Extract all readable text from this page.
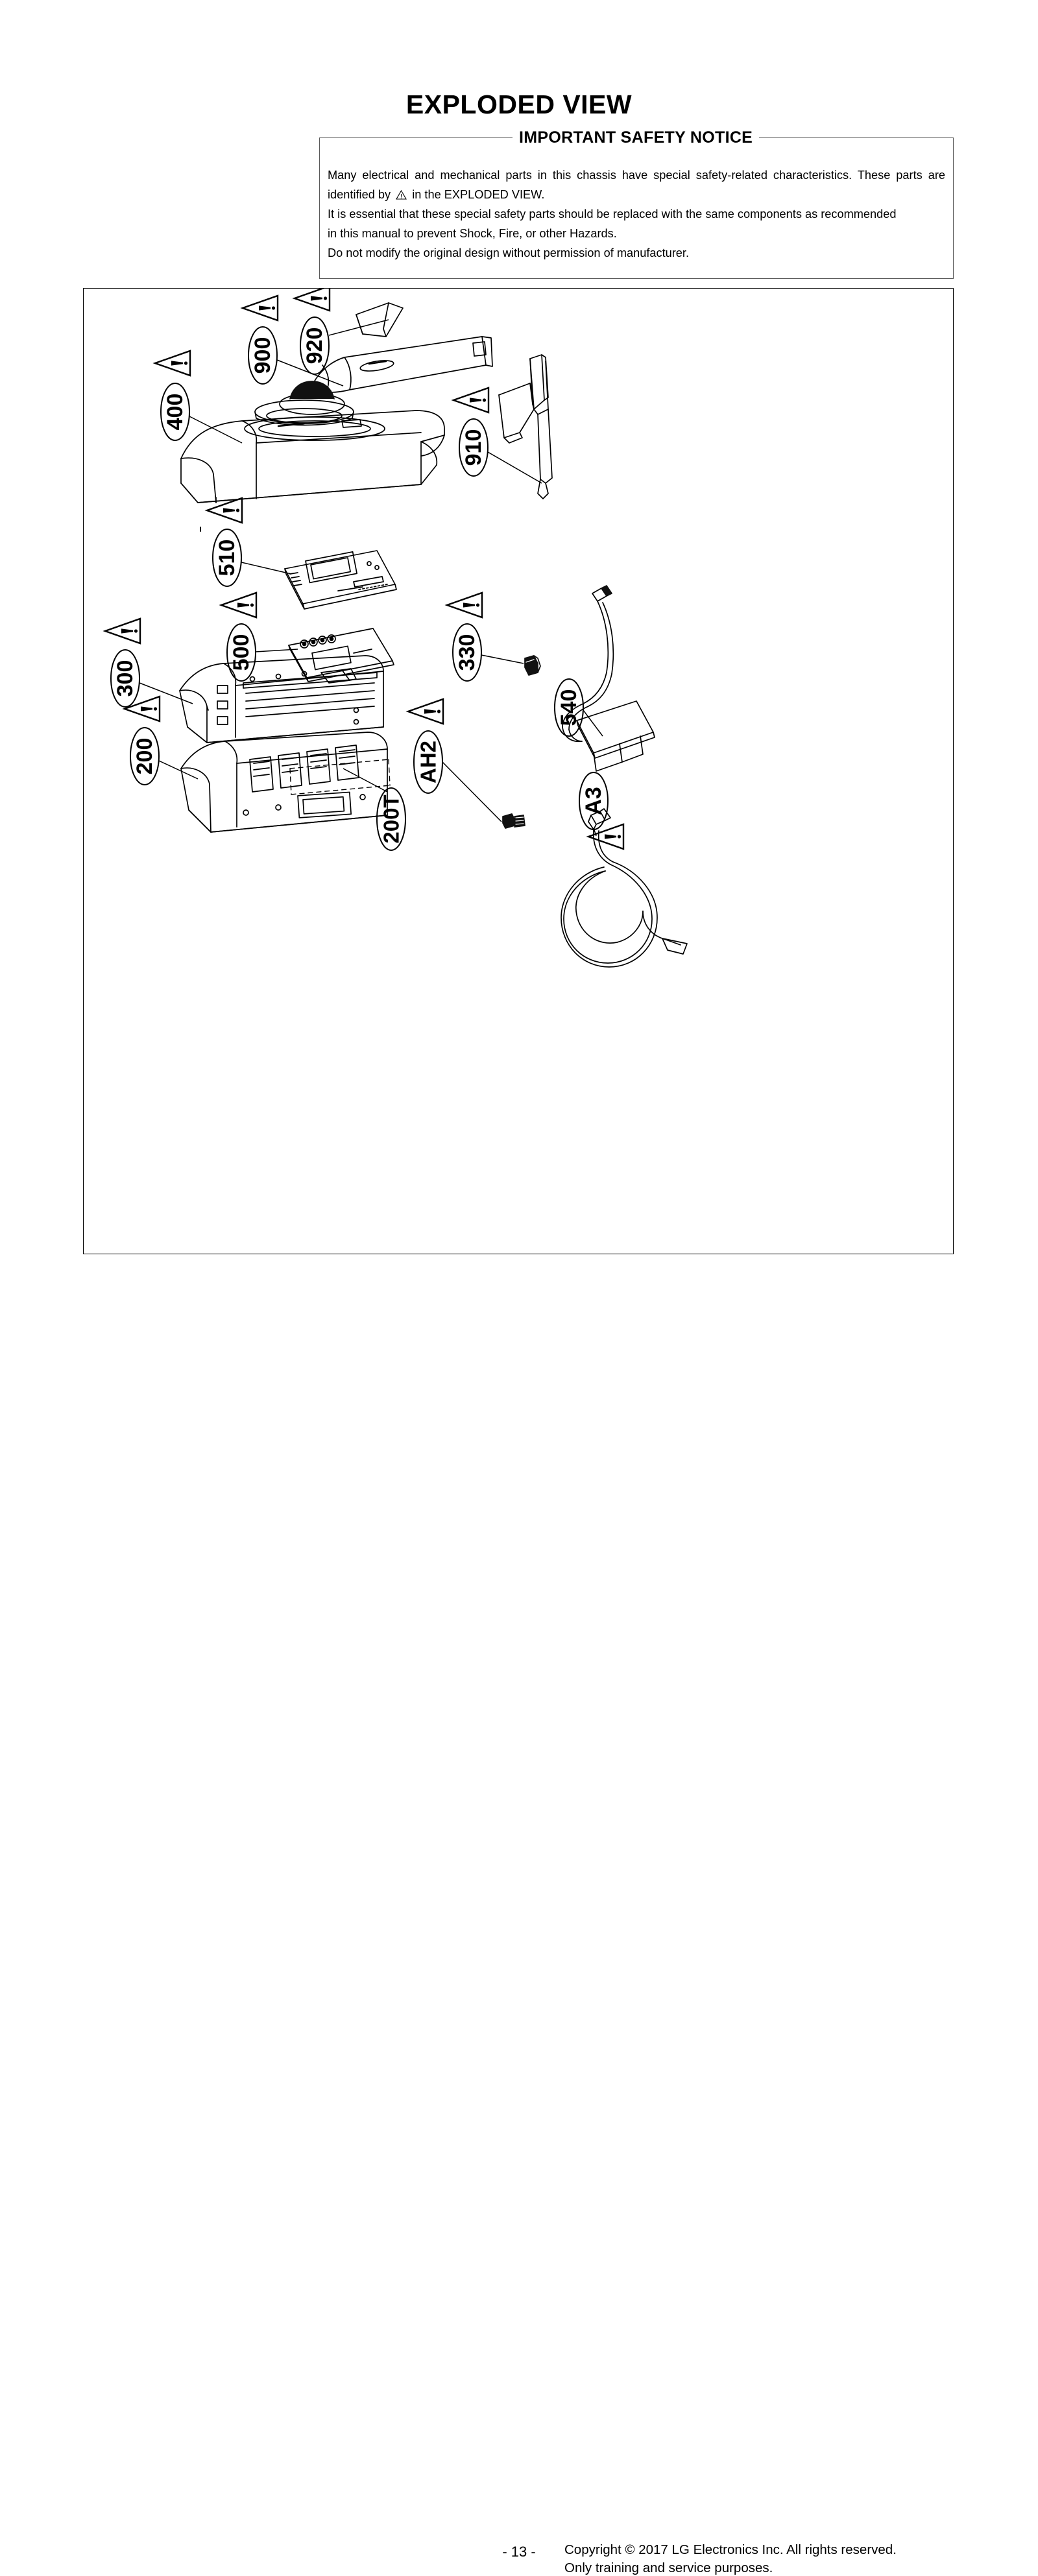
EXPLODED VIEW
IMPORTANT SAFETY NOTICE

Many electrical and mechanical parts in this chassis have special safety-related characteristics. These parts are identified by in the EXPLODED VIEW.

It is essential that these special safety parts should be replaced with the same components as recommended

in this manual to prevent Shock, Fire, or other Hazards.

Do not modify the original design without permission of manufacturer.

900 920
400
910
510
500	330
300
200
200T
AH2
540
A3
- 13 -	Copyright © 2017 LG Electronics Inc. All rights reserved.
Only training and service purposes.
